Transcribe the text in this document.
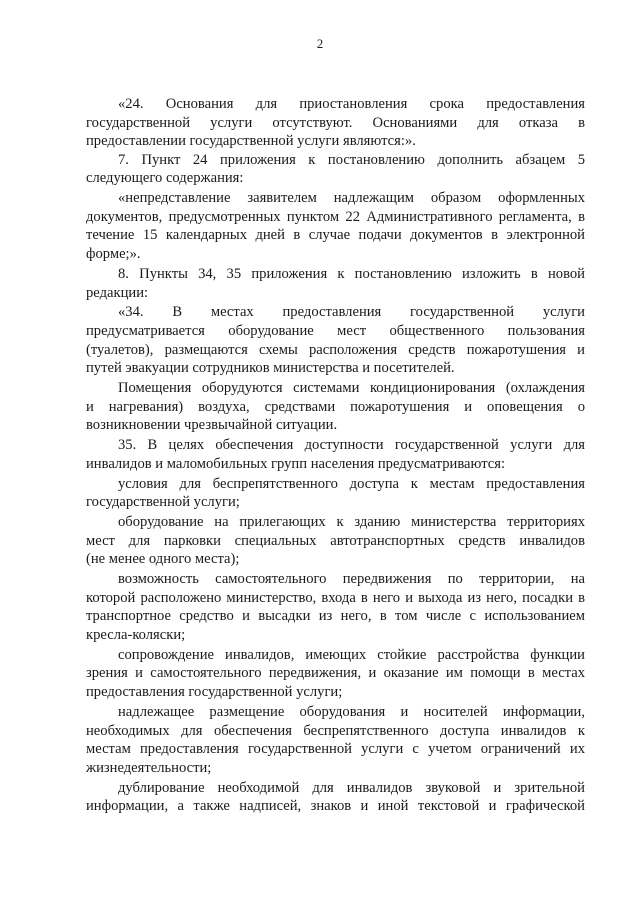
2
«24. Основания для приостановления срока предоставления
государственной услуги отсутствуют. Основаниями для отказа в
предоставлении государственной услуги являются:».
7. Пункт 24 приложения к постановлению дополнить абзацем 5
следующего содержания:
«непредставление заявителем надлежащим образом оформленных
документов, предусмотренных пунктом 22 Административного регламента, в
течение 15 календарных дней в случае подачи документов в электронной
форме;».
8. Пункты 34, 35 приложения к постановлению изложить в новой
редакции:
«34. В местах предоставления государственной услуги
предусматривается оборудование мест общественного пользования
(туалетов), размещаются схемы расположения средств пожаротушения и
путей эвакуации сотрудников министерства и посетителей.
Помещения оборудуются системами кондиционирования (охлаждения
и нагревания) воздуха, средствами пожаротушения и оповещения о
возникновении чрезвычайной ситуации.
35. В целях обеспечения доступности государственной услуги для
инвалидов и маломобильных групп населения предусматриваются:
условия для беспрепятственного доступа к местам предоставления
государственной услуги;
оборудование на прилегающих к зданию министерства территориях
мест для парковки специальных автотранспортных средств инвалидов
(не менее одного места);
возможность самостоятельного передвижения по территории, на
которой расположено министерство, входа в него и выхода из него, посадки в
транспортное средство и высадки из него, в том числе с использованием
кресла-коляски;
сопровождение инвалидов, имеющих стойкие расстройства функции
зрения и самостоятельного передвижения, и оказание им помощи в местах
предоставления государственной услуги;
надлежащее размещение оборудования и носителей информации,
необходимых для обеспечения беспрепятственного доступа инвалидов к
местам предоставления государственной услуги с учетом ограничений их
жизнедеятельности;
дублирование необходимой для инвалидов звуковой и зрительной
информации, а также надписей, знаков и иной текстовой и графической
